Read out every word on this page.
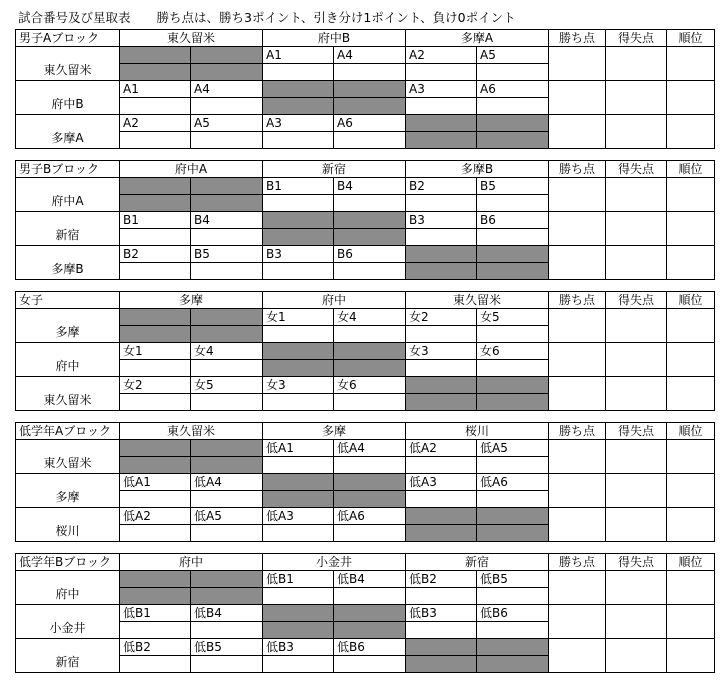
試合番号及び星取表 勝ち点は、勝ち3ポイント、引き分け1ポイント、負け0ポイント
男子Aブロック	東久留米		府中B		多摩A		勝ち点	得失点	順位

東久留米			A1	A4	A2	A5			

府中B	A1	A4			A3	A6			

多摩A	A2	A5	A3	A6					

男子Bブロック	府中A		新宿		多摩B		勝ち点	得失点	順位

府中A			B1	B4	B2	B5			

新宿	B1	B4			B3	B6			

多摩B	B2	B5	B3	B6					

女子	多摩		府中		東久留米		勝ち点	得失点	順位

多摩			女1	女4	女2	女5			

府中	女1	女4			女3	女6			

東久留米	女2	女5	女3	女6					

低学年Aブロック	東久留米		多摩		桜川		勝ち点	得失点	順位

東久留米			低A1	低A4	低A2	低A5			

多摩	低A1	低A4			低A3	低A6			

桜川	低A2	低A5	低A3	低A6					

低学年Bブロック	府中		小金井		新宿		勝ち点	得失点	順位

府中			低B1	低B4	低B2	低B5			

小金井	低B1	低B4			低B3	低B6			

新宿	低B2	低B5	低B3	低B6					
